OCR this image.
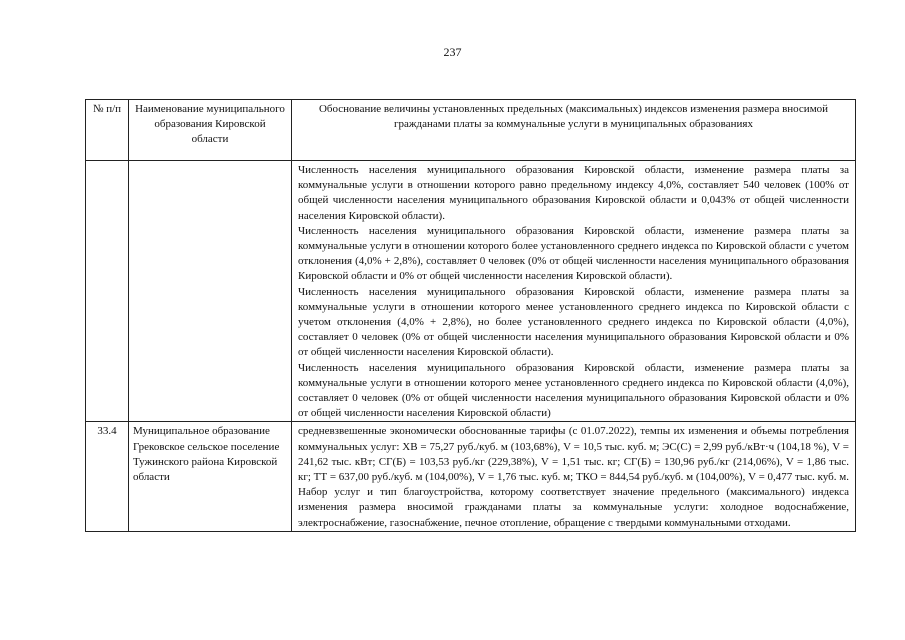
237
№ п/п	Наименование муниципального образования Кировской области	Обоснование величины установленных предельных (максимальных) индексов изменения размера вносимой гражданами платы за коммунальные услуги в муниципальных образованиях

		Численность населения муниципального образования Кировской области, изменение размера платы за коммунальные услуги в отношении которого равно предельному индексу 4,0%, составляет 540 человек (100% от общей численности населения муниципального образования Кировской области и 0,043% от общей численности населения Кировской области).

Численность населения муниципального образования Кировской области, изменение размера платы за коммунальные услуги в отношении которого более установленного среднего индекса по Кировской области с учетом отклонения (4,0% + 2,8%), составляет 0 человек (0% от общей численности населения муниципального образования Кировской области и 0% от общей численности населения Кировской области).

Численность населения муниципального образования Кировской области, изменение размера платы за коммунальные услуги в отношении которого менее установленного среднего индекса по Кировской области с учетом отклонения (4,0% + 2,8%), но более установленного среднего индекса по Кировской области (4,0%), составляет 0 человек (0% от общей численности населения муниципального образования Кировской области и 0% от общей численности населения Кировской области).

Численность населения муниципального образования Кировской области, изменение размера платы за коммунальные услуги в отношении которого менее установленного среднего индекса по Кировской области (4,0%), составляет 0 человек (0% от общей численности населения муниципального образования Кировской области и 0% от общей численности населения Кировской области)

33.4	Муниципальное образование Грековское сельское поселение Тужинского района Кировской области	средневзвешенные экономически обоснованные тарифы (с 01.07.2022), темпы их изменения и объемы потребления коммунальных услуг: ХВ = 75,27 руб./куб. м (103,68%), V = 10,5 тыс. куб. м; ЭС(С) = 2,99 руб./кВт·ч (104,18 %), V = 241,62 тыс. кВт; СГ(Б) = 103,53 руб./кг (229,38%), V = 1,51 тыс. кг; СГ(Б) = 130,96 руб./кг (214,06%), V = 1,86 тыс. кг; ТТ = 637,00 руб./куб. м (104,00%), V = 1,76 тыс. куб. м; ТКО = 844,54 руб./куб. м (104,00%), V = 0,477 тыс. куб. м.

Набор услуг и тип благоустройства, которому соответствует значение предельного (максимального) индекса изменения размера вносимой гражданами платы за коммунальные услуги: холодное водоснабжение, электроснабжение, газоснабжение, печное отопление, обращение с твердыми коммунальными отходами.
